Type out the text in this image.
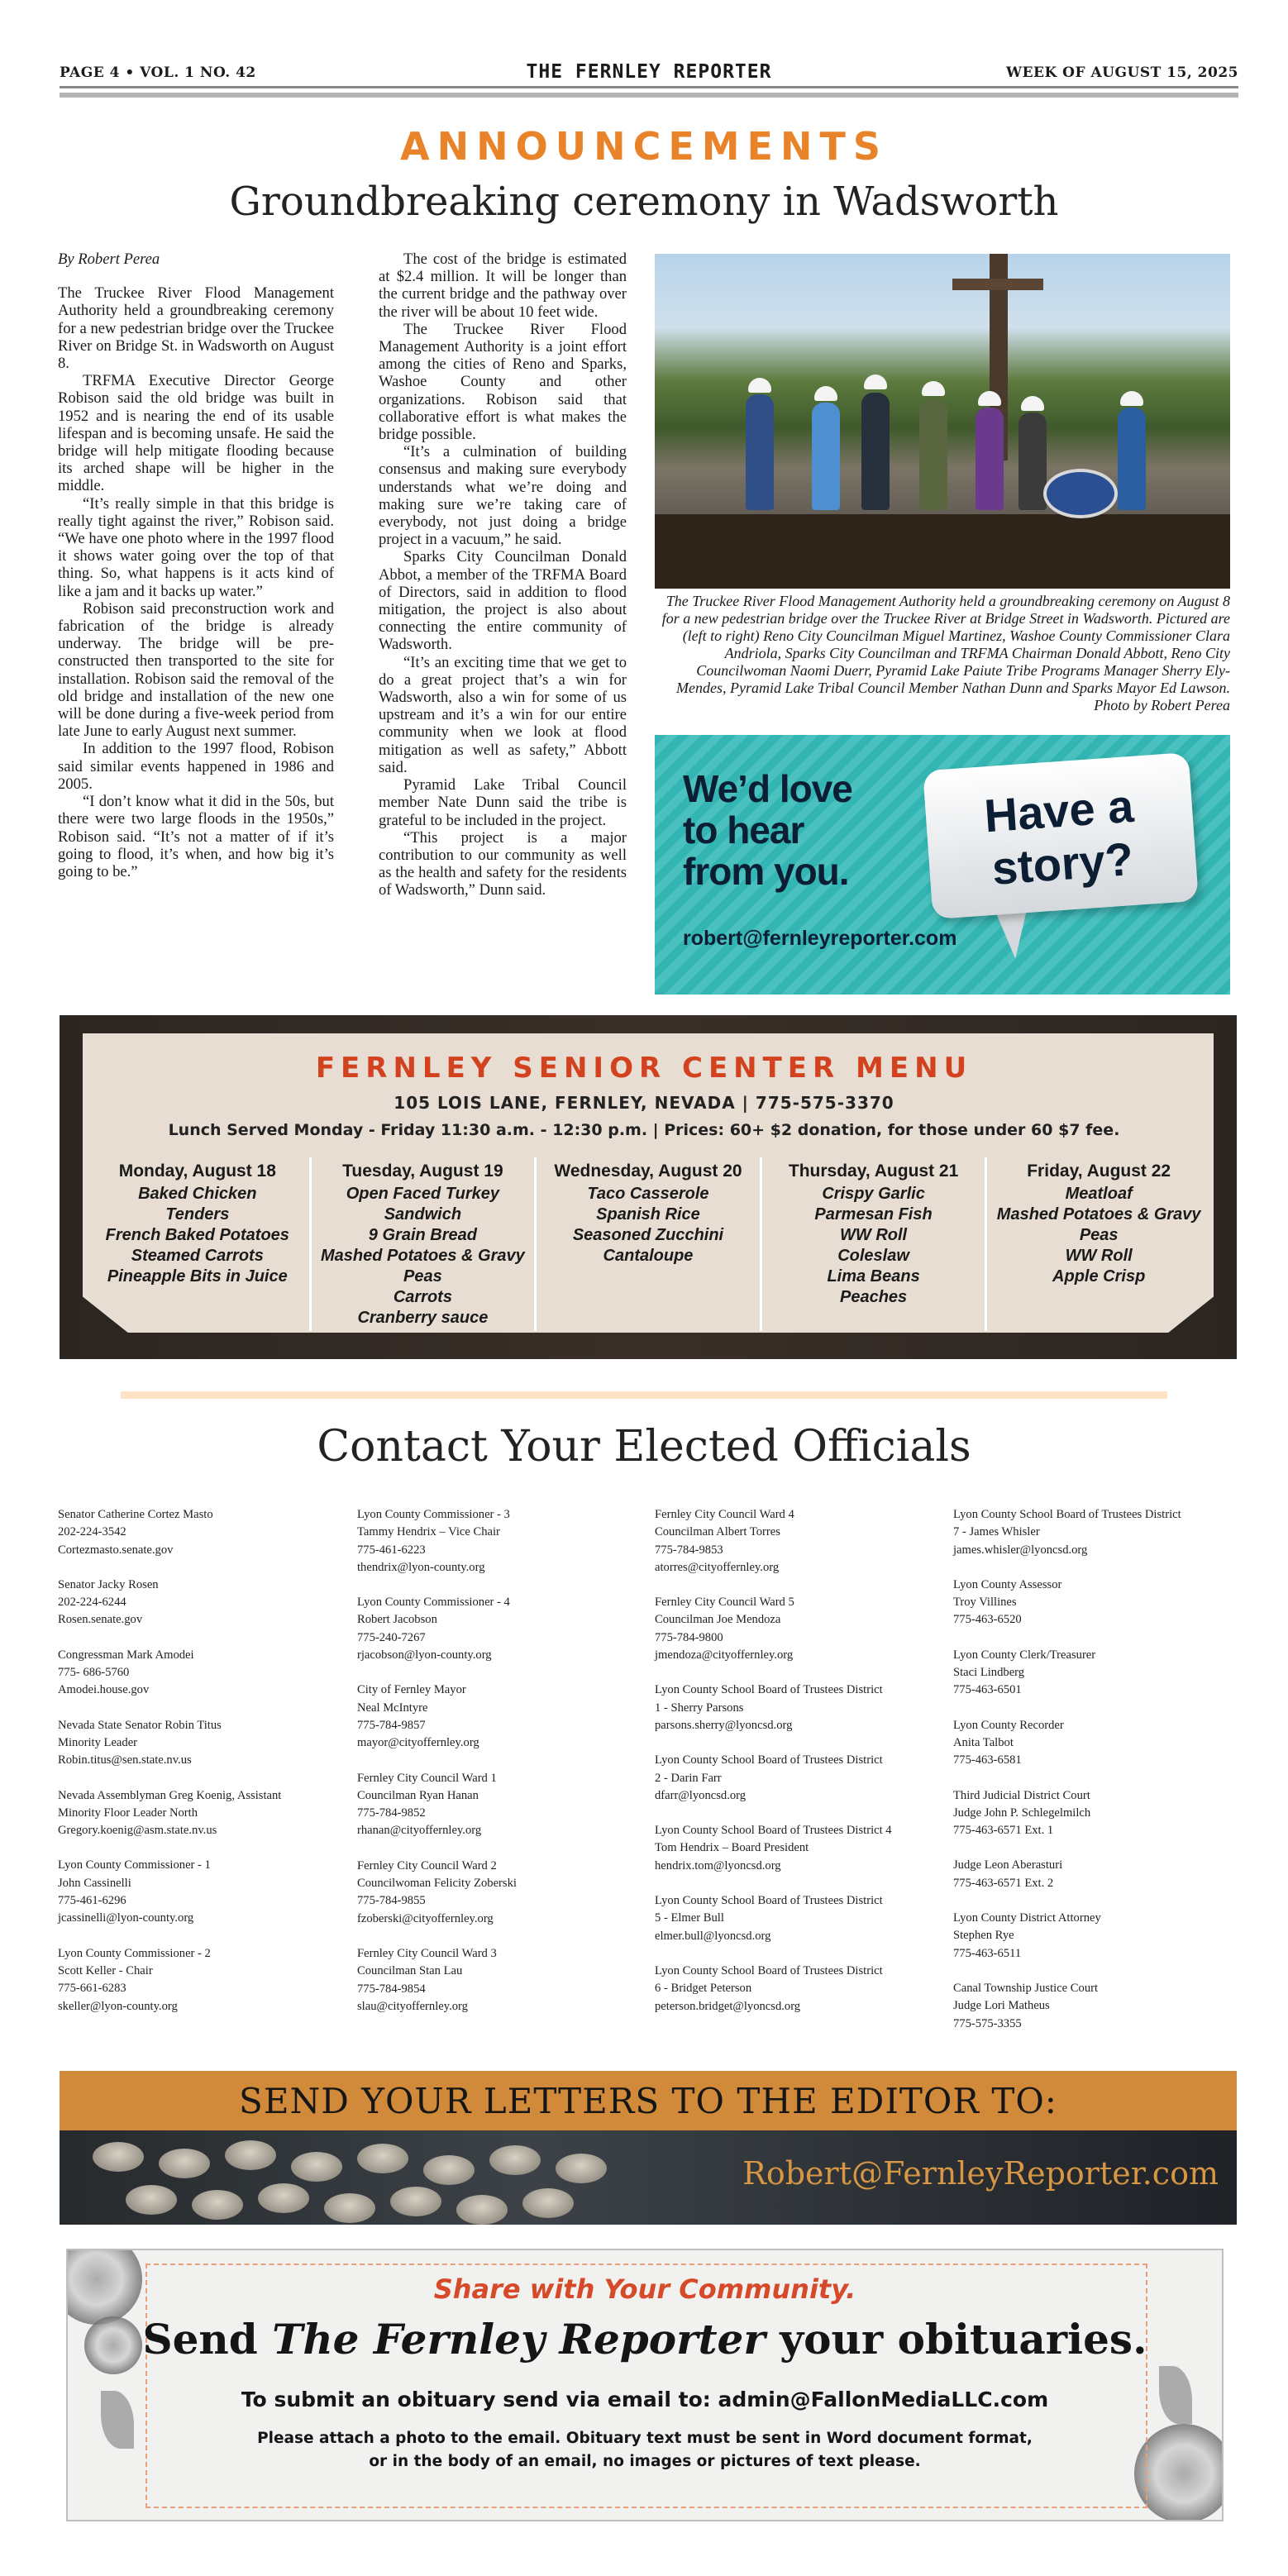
PAGE 4 • VOL. 1 NO. 42	THE FERNLEY REPORTER	WEEK OF AUGUST 15, 2025
ANNOUNCEMENTS
Groundbreaking ceremony in Wadsworth

By Robert Perea

The Truckee River Flood Management Authority held a groundbreaking ceremony for a new pedestrian bridge over the Truckee River on Bridge St. in Wadsworth on August 8.

TRFMA Executive Director George Robison said the old bridge was built in 1952 and is nearing the end of its usable lifespan and is becoming unsafe. He said the bridge will help mitigate flooding because its arched shape will be higher in the middle.

“It’s really simple in that this bridge is really tight against the river,” Robison said. “We have one photo where in the 1997 flood it shows water going over the top of that thing. So, what happens is it acts kind of like a jam and it backs up water.”

Robison said preconstruction work and fabrication of the bridge is already underway. The bridge will be pre-constructed then transported to the site for installation. Robison said the removal of the old bridge and installation of the new one will be done during a five-week period from late June to early August next summer.

In addition to the 1997 flood, Robison said similar events happened in 1986 and 2005.

“I don’t know what it did in the 50s, but there were two large floods in the 1950s,” Robison said. “It’s not a matter of if it’s going to flood, it’s when, and how big it’s going to be.”

The cost of the bridge is estimated at $2.4 million. It will be longer than the current bridge and the pathway over the river will be about 10 feet wide.

The Truckee River Flood Management Authority is a joint effort among the cities of Reno and Sparks, Washoe County and other organizations. Robison said that collaborative effort is what makes the bridge possible.

“It’s a culmination of building consensus and making sure everybody understands what we’re doing and making sure we’re taking care of everybody, not just doing a bridge project in a vacuum,” he said.

Sparks City Councilman Donald Abbot, a member of the TRFMA Board of Directors, said in addition to flood mitigation, the project is also about connecting the entire community of Wadsworth.

“It’s an exciting time that we get to do a great project that’s a win for Wadsworth, also a win for some of us upstream and it’s a win for our entire community when we look at flood mitigation as well as safety,” Abbott said.

Pyramid Lake Tribal Council member Nate Dunn said the tribe is grateful to be included in the project.

“This project is a major contribution to our community as well as the health and safety for the residents of Wadsworth,” Dunn said.

The Truckee River Flood Management Authority held a groundbreaking ceremony on August 8 for a new pedestrian bridge over the Truckee River at Bridge Street in Wadsworth. Pictured are (left to right) Reno City Councilman Miguel Martinez, Washoe County Commissioner Clara Andriola, Sparks City Councilman and TRFMA Chairman Donald Abbott, Reno City Councilwoman Naomi Duerr, Pyramid Lake Paiute Tribe Programs Manager Sherry Ely-Mendes, Pyramid Lake Tribal Council Member Nathan Dunn and Sparks Mayor Ed Lawson. Photo by Robert Perea
We’d love
to hear
from you.
robert@fernleyreporter.com
Have a
story?
FERNLEY SENIOR CENTER MENU
105 LOIS LANE, FERNLEY, NEVADA | 775-575-3370
Lunch Served Monday - Friday 11:30 a.m. - 12:30 p.m. | Prices: 60+ $2 donation, for those under 60 $7 fee.
Monday, August 18
Baked Chicken
Tenders
French Baked Potatoes
Steamed Carrots
Pineapple Bits in Juice
Tuesday, August 19
Open Faced Turkey Sandwich
9 Grain Bread
Mashed Potatoes & Gravy
Peas
Carrots
Cranberry sauce
Wednesday, August 20
Taco Casserole
Spanish Rice
Seasoned Zucchini
Cantaloupe
Thursday, August 21
Crispy Garlic
Parmesan Fish
WW Roll
Coleslaw
Lima Beans
Peaches
Friday, August 22
Meatloaf
Mashed Potatoes & Gravy
Peas
WW Roll
Apple Crisp
Contact Your Elected Officials
Senator Catherine Cortez Masto
202-224-3542
Cortezmasto.senate.gov
Senator Jacky Rosen
202-224-6244
Rosen.senate.gov
Congressman Mark Amodei
775- 686-5760
Amodei.house.gov
Nevada State Senator Robin Titus
Minority Leader
Robin.titus@sen.state.nv.us
Nevada Assemblyman Greg Koenig, Assistant
Minority Floor Leader North
Gregory.koenig@asm.state.nv.us
Lyon County Commissioner - 1
John Cassinelli
775-461-6296
jcassinelli@lyon-county.org
Lyon County Commissioner - 2
Scott Keller - Chair
775-661-6283
skeller@lyon-county.org
Lyon County Commissioner - 3
Tammy Hendrix – Vice Chair
775-461-6223
thendrix@lyon-county.org
Lyon County Commissioner - 4
Robert Jacobson
775-240-7267
rjacobson@lyon-county.org
City of Fernley Mayor
Neal McIntyre
775-784-9857
mayor@cityoffernley.org
Fernley City Council Ward 1
Councilman Ryan Hanan
775-784-9852
rhanan@cityoffernley.org
Fernley City Council Ward 2
Councilwoman Felicity Zoberski
775-784-9855
fzoberski@cityoffernley.org
Fernley City Council Ward 3
Councilman Stan Lau
775-784-9854
slau@cityoffernley.org
Fernley City Council Ward 4
Councilman Albert Torres
775-784-9853
atorres@cityoffernley.org
Fernley City Council Ward 5
Councilman Joe Mendoza
775-784-9800
jmendoza@cityoffernley.org
Lyon County School Board of Trustees District
1 - Sherry Parsons
parsons.sherry@lyoncsd.org
Lyon County School Board of Trustees District
2 - Darin Farr
dfarr@lyoncsd.org
Lyon County School Board of Trustees District 4
Tom Hendrix – Board President
hendrix.tom@lyoncsd.org
Lyon County School Board of Trustees District
5 - Elmer Bull
elmer.bull@lyoncsd.org
Lyon County School Board of Trustees District
6 - Bridget Peterson
peterson.bridget@lyoncsd.org
Lyon County School Board of Trustees District
7 - James Whisler
james.whisler@lyoncsd.org
Lyon County Assessor
Troy Villines
775-463-6520
Lyon County Clerk/Treasurer
Staci Lindberg
775-463-6501
Lyon County Recorder
Anita Talbot
775-463-6581
Third Judicial District Court
Judge John P. Schlegelmilch
775-463-6571 Ext. 1
Judge Leon Aberasturi
775-463-6571 Ext. 2
Lyon County District Attorney
Stephen Rye
775-463-6511
Canal Township Justice Court
Judge Lori Matheus
775-575-3355
SEND YOUR LETTERS TO THE EDITOR TO:
Robert@FernleyReporter.com
Share with Your Community.
Send The Fernley Reporter your obituaries.
To submit an obituary send via email to: admin@FallonMediaLLC.com
Please attach a photo to the email. Obituary text must be sent in Word document format,
or in the body of an email, no images or pictures of text please.
